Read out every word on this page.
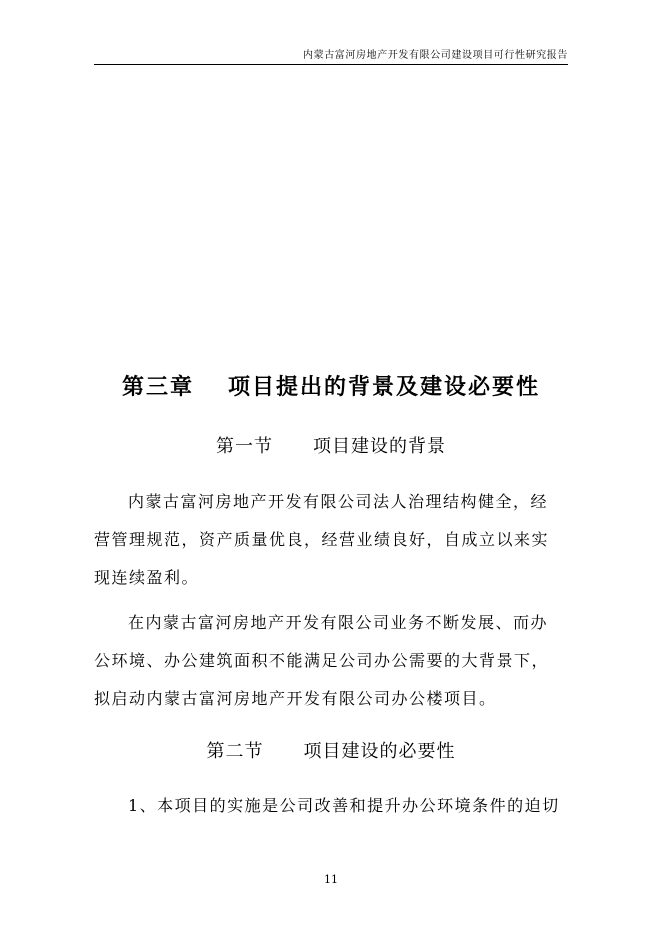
内蒙古富河房地产开发有限公司建设项目可行性研究报告
第三章 项目提出的背景及建设必要性
第一节 项目建设的背景
内蒙古富河房地产开发有限公司法人治理结构健全，经
营管理规范，资产质量优良，经营业绩良好，自成立以来实
现连续盈利。
在内蒙古富河房地产开发有限公司业务不断发展、而办
公环境、办公建筑面积不能满足公司办公需要的大背景下，
拟启动内蒙古富河房地产开发有限公司办公楼项目。
第二节 项目建设的必要性
1、本项目的实施是公司改善和提升办公环境条件的迫切
11
